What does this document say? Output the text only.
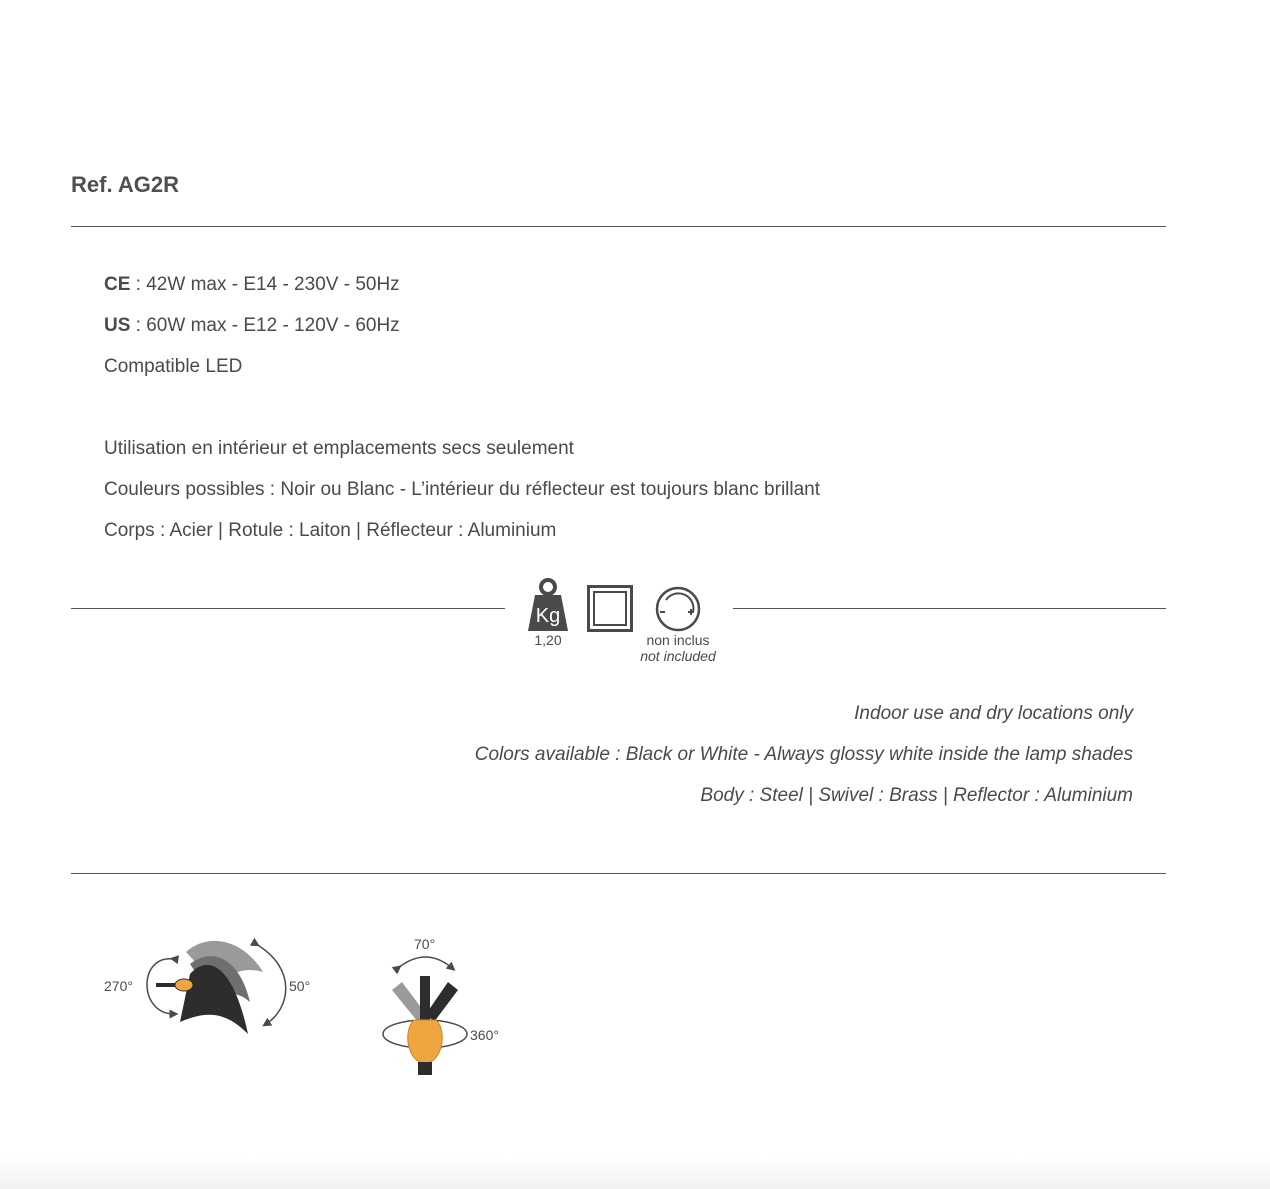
Ref. AG2R
CE : 42W max - E14 - 230V - 50Hz
US : 60W max - E12 - 120V - 60Hz
Compatible LED
Utilisation en intérieur et emplacements secs seulement
Couleurs possibles : Noir ou Blanc - L’intérieur du réflecteur est toujours blanc brillant
Corps : Acier | Rotule : Laiton | Réflecteur : Aluminium
Kg
1,20	non inclus
not included
Indoor use and dry locations only
Colors available : Black or White - Always glossy white inside the lamp shades
Body : Steel | Swivel : Brass | Reflector : Aluminium
270°	50°
70°
360°
